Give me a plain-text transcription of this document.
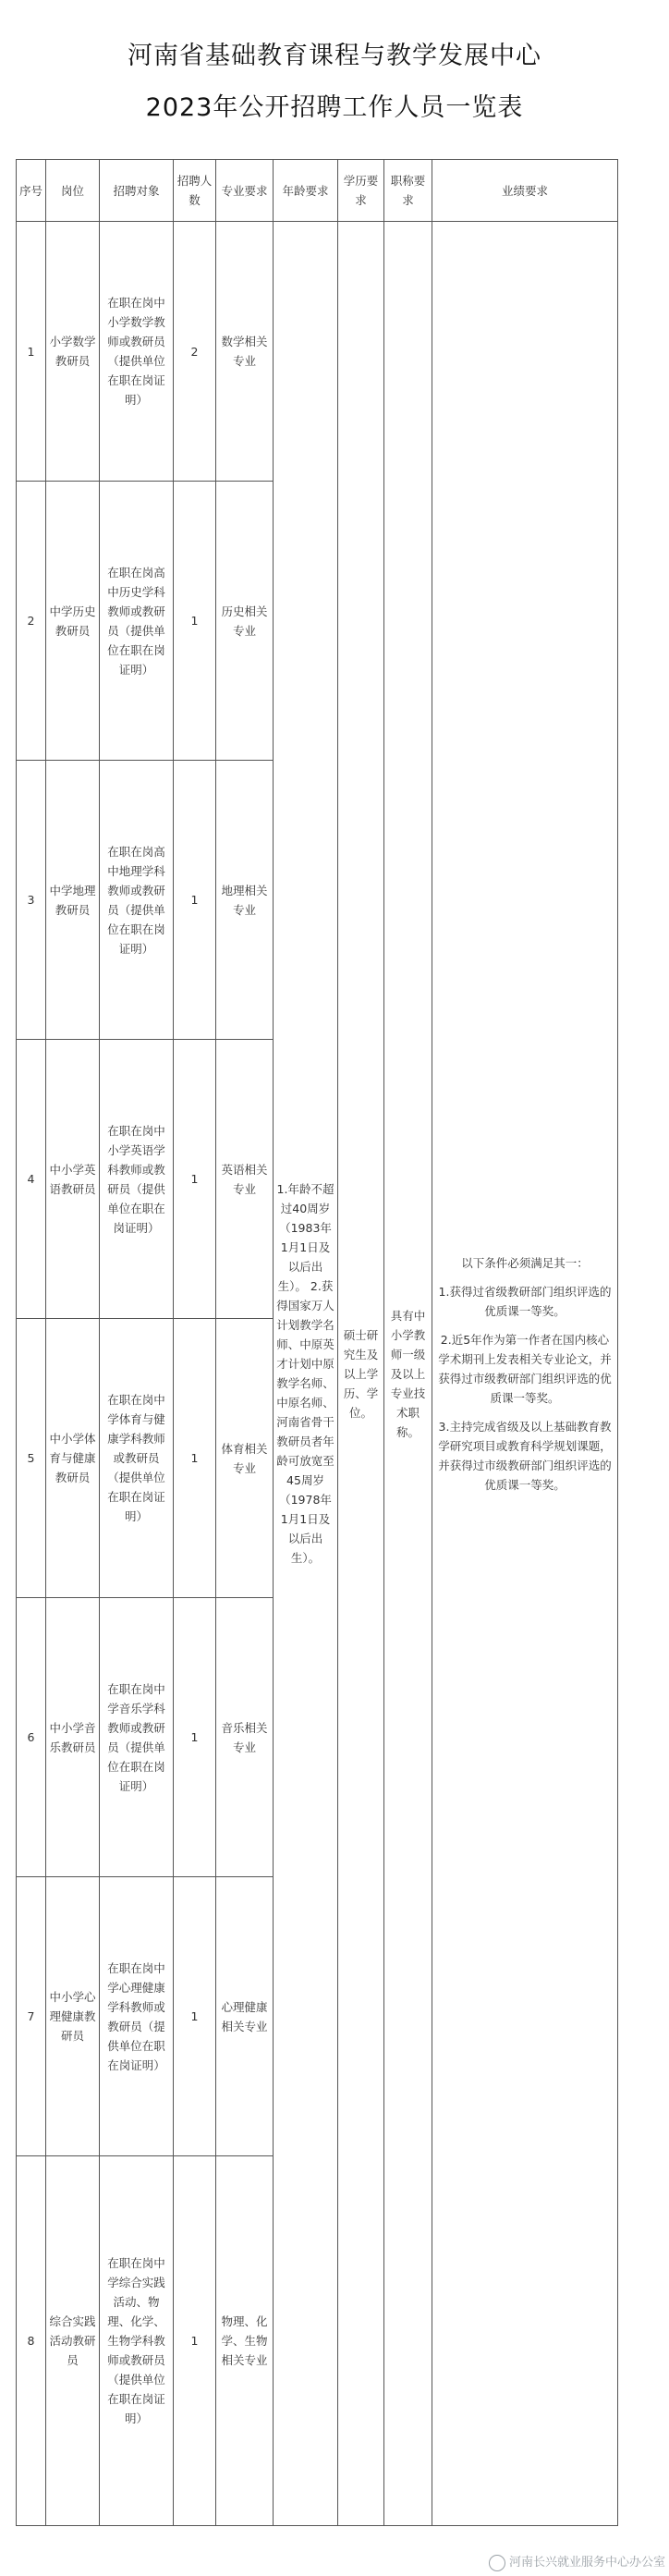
河南省基础教育课程与教学发展中心
2023年公开招聘工作人员一览表
序号	岗位	招聘对象	招聘人数	专业要求	年龄要求	学历要求	职称要求	业绩要求
1	小学数学教研员	在职在岗中小学数学教师或教研员（提供单位在职在岗证明）	2	数学相关专业	1.年龄不超过40周岁（1983年1月1日及以后出生）。 2.获得国家万人计划教学名师、中原英才计划中原教学名师、中原名师、河南省骨干教研员者年龄可放宽至45周岁（1978年1月1日及以后出生）。	硕士研究生及以上学历、学位。	具有中小学教师一级及以上专业技术职称。	以下条件必须满足其一：
1.获得过省级教研部门组织评选的优质课一等奖。
2.近5年作为第一作者在国内核心学术期刊上发表相关专业论文，并获得过市级教研部门组织评选的优质课一等奖。
3.主持完成省级及以上基础教育教学研究项目或教育科学规划课题，并获得过市级教研部门组织评选的优质课一等奖。

2	中学历史教研员	在职在岗高中历史学科教师或教研员（提供单位在职在岗证明）	1	历史相关专业				
3	中学地理教研员	在职在岗高中地理学科教师或教研员（提供单位在职在岗证明）	1	地理相关专业				
4	中小学英语教研员	在职在岗中小学英语学科教师或教研员（提供单位在职在岗证明）	1	英语相关专业				
5	中小学体育与健康教研员	在职在岗中学体育与健康学科教师或教研员（提供单位在职在岗证明）	1	体育相关专业				
6	中小学音乐教研员	在职在岗中学音乐学科教师或教研员（提供单位在职在岗证明）	1	音乐相关专业				
7	中小学心理健康教研员	在职在岗中学心理健康学科教师或教研员（提供单位在职在岗证明）	1	心理健康相关专业				
8	综合实践活动教研员	在职在岗中学综合实践活动、物理、化学、生物学科教师或教研员（提供单位在职在岗证明）	1	物理、化学、生物相关专业				
河南长兴就业服务中心办公室
